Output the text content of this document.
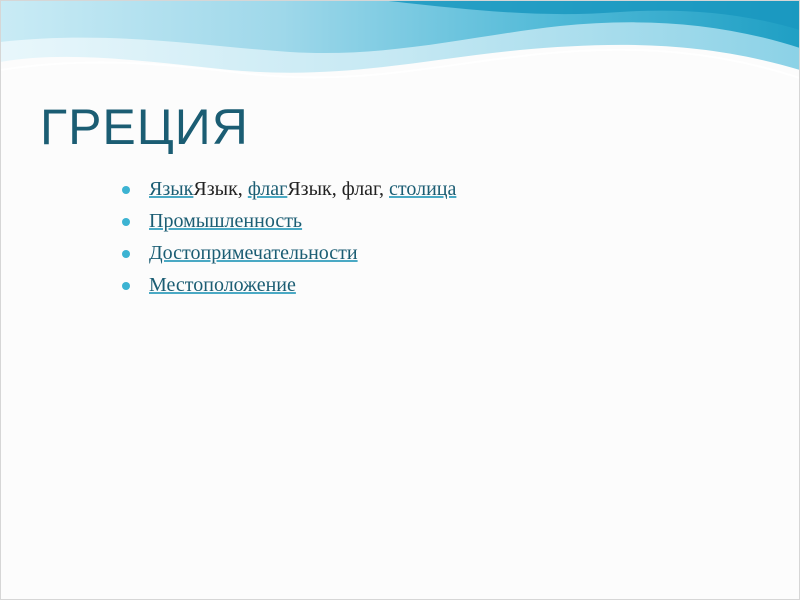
ГРЕЦИЯ
ЯзыкЯзык, флагЯзык, флаг, столица
Промышленность
Достопримечательности
Местоположение
